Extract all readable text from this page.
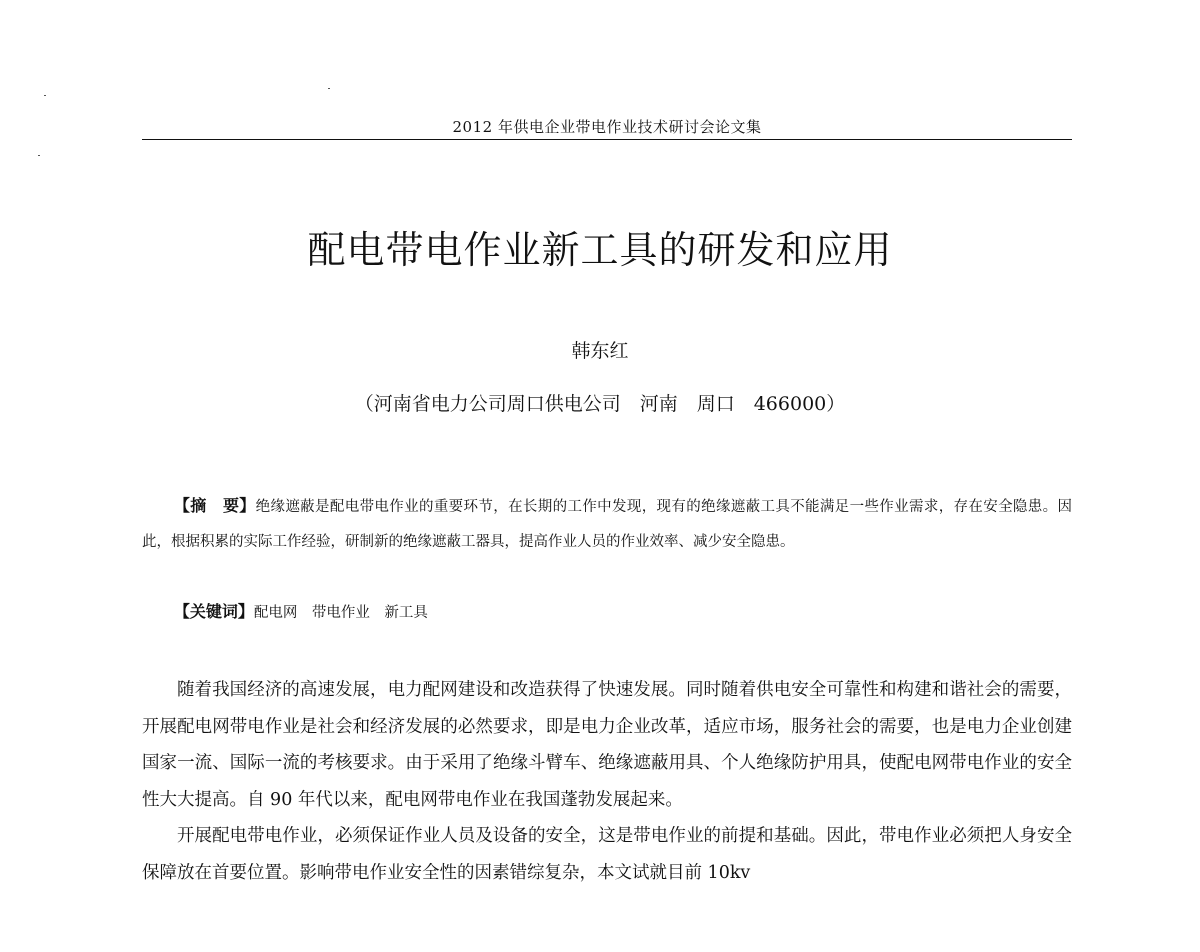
2012 年供电企业带电作业技术研讨会论文集
配电带电作业新工具的研发和应用
韩东红
（河南省电力公司周口供电公司　河南　周口　466000）
【摘　要】绝缘遮蔽是配电带电作业的重要环节，在长期的工作中发现，现有的绝缘遮蔽工具不能满足一些作业需求，存在安全隐患。因此，根据积累的实际工作经验，研制新的绝缘遮蔽工器具，提高作业人员的作业效率、减少安全隐患。
【关键词】配电网　带电作业　新工具

随着我国经济的高速发展，电力配网建设和改造获得了快速发展。同时随着供电安全可靠性和构建和谐社会的需要，开展配电网带电作业是社会和经济发展的必然要求，即是电力企业改革，适应市场，服务社会的需要，也是电力企业创建国家一流、国际一流的考核要求。由于采用了绝缘斗臂车、绝缘遮蔽用具、个人绝缘防护用具，使配电网带电作业的安全性大大提高。自 90 年代以来，配电网带电作业在我国蓬勃发展起来。

开展配电带电作业，必须保证作业人员及设备的安全，这是带电作业的前提和基础。因此，带电作业必须把人身安全保障放在首要位置。影响带电作业安全性的因素错综复杂，本文试就目前 10kv
